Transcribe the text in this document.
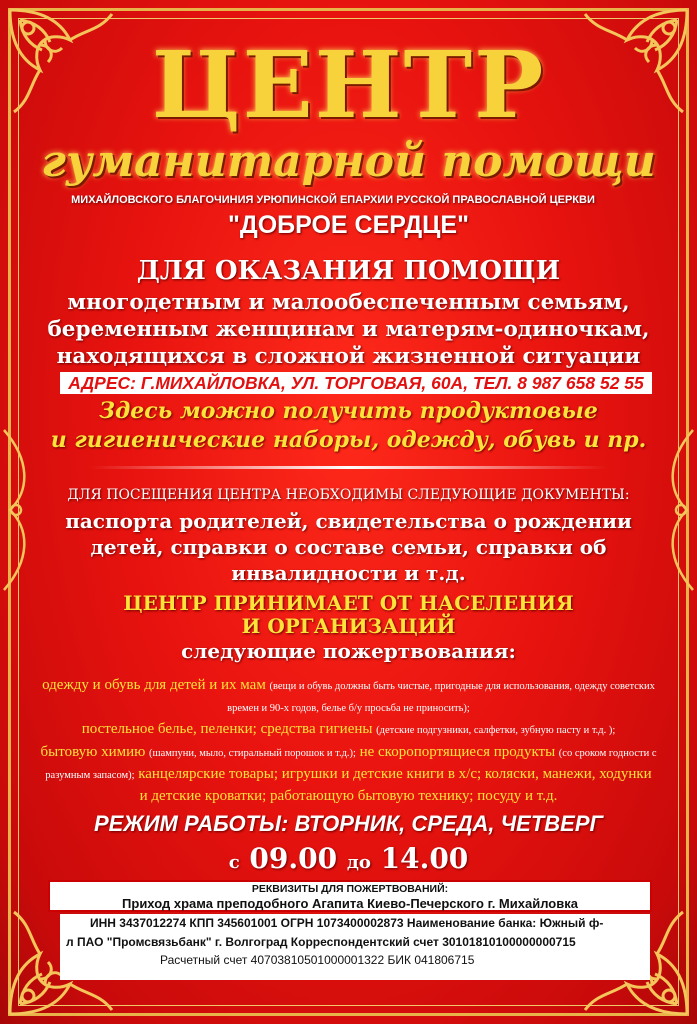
ЦЕНТР
гуманитарной помощи
МИХАЙЛОВСКОГО БЛАГОЧИНИЯ УРЮПИНСКОЙ ЕПАРХИИ РУССКОЙ ПРАВОСЛАВНОЙ ЦЕРКВИ
"ДОБРОЕ СЕРДЦЕ"
ДЛЯ ОКАЗАНИЯ ПОМОЩИ
многодетным и малообеспеченным семьям,
беременным женщинам и матерям-одиночкам,
находящихся в сложной жизненной ситуации
АДРЕС: Г.МИХАЙЛОВКА, УЛ. ТОРГОВАЯ, 60А, ТЕЛ. 8 987 658 52 55
Здесь можно получить продуктовые
и гигиенические наборы, одежду, обувь и пр.
ДЛЯ ПОСЕЩЕНИЯ ЦЕНТРА НЕОБХОДИМЫ СЛЕДУЮЩИЕ ДОКУМЕНТЫ:
паспорта родителей, свидетельства о рождении
детей, справки о составе семьи, справки об
инвалидности и т.д.
ЦЕНТР ПРИНИМАЕТ ОТ НАСЕЛЕНИЯ
И ОРГАНИЗАЦИЙ
следующие пожертвования:
одежду и обувь для детей и их мам (вещи и обувь должны быть чистые, пригодные для использования, одежду советских времен и 90-х годов, белье б/у просьба не приносить);
постельное белье, пеленки; средства гигиены (детские подгузники, салфетки, зубную пасту и т.д. );
бытовую химию (шампуни, мыло, стиральный порошок и т.д.); не скоропортящиеся продукты (со сроком годности с разумным запасом); канцелярские товары; игрушки и детские книги в х/с; коляски, манежи, ходунки и детские кроватки; работающую бытовую технику; посуду и т.д.
РЕЖИМ РАБОТЫ: ВТОРНИК, СРЕДА, ЧЕТВЕРГ
с 09.00 до 14.00
РЕКВИЗИТЫ ДЛЯ ПОЖЕРТВОВАНИЙ:
Приход храма преподобного Агапита Киево-Печерского г. Михайловка
ИНН 3437012274 КПП 345601001 ОГРН 1073400002873 Наименование банка: Южный ф-
л ПАО "Промсвязьбанк" г. Волгоград Корреспондентский счет 30101810100000000715
Расчетный счет 40703810501000001322 БИК 041806715
